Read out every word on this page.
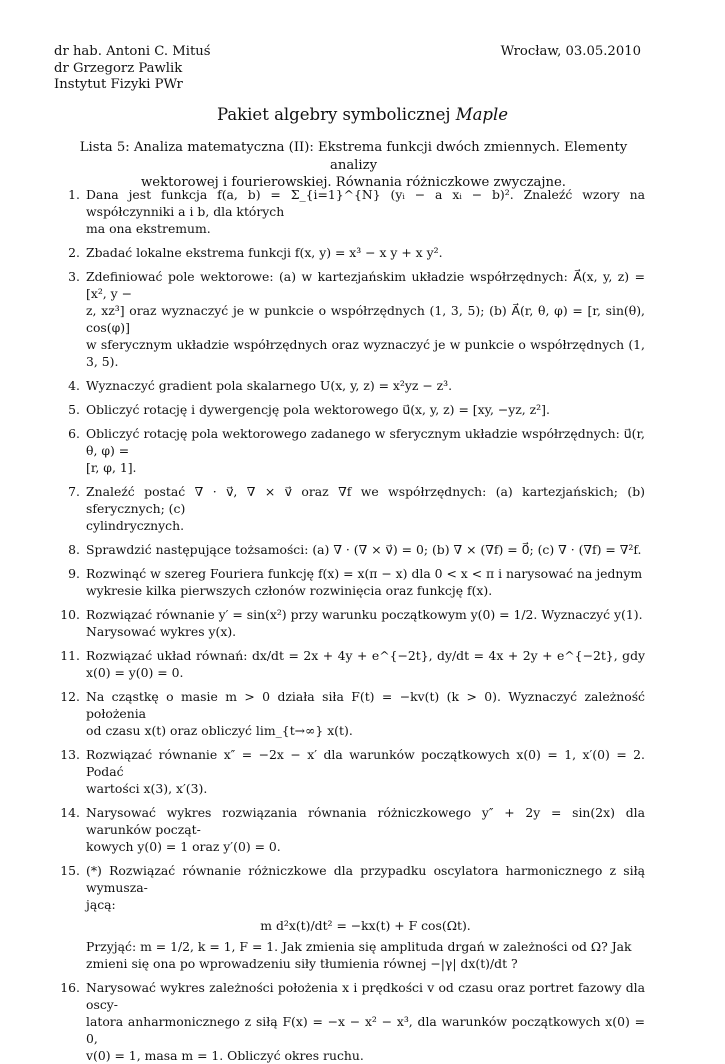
dr hab. Antoni C. Mituś
dr Grzegorz Pawlik
Instytut Fizyki PWr
Wrocław, 03.05.2010
Pakiet algebry symbolicznej Maple
Lista 5: Analiza matematyczna (II): Ekstrema funkcji dwóch zmiennych. Elementy analizy
wektorowej i fourierowskiej. Równania różniczkowe zwyczajne.
1. Dana jest funkcja f(a, b) = Σ_{i=1}^{N} (yᵢ − a xᵢ − b)². Znaleźć wzory na współczynniki a i b, dla których

ma ona ekstremum.

2. Zbadać lokalne ekstrema funkcji f(x, y) = x³ − x y + x y².

3. Zdefiniować pole wektorowe: (a) w kartezjańskim układzie współrzędnych: A⃗(x, y, z) = [x², y −

z, xz³] oraz wyznaczyć je w punkcie o współrzędnych (1, 3, 5); (b) A⃗(r, θ, φ) = [r, sin(θ), cos(φ)]

w sferycznym układzie współrzędnych oraz wyznaczyć je w punkcie o współrzędnych (1, 3, 5).

4. Wyznaczyć gradient pola skalarnego U(x, y, z) = x²yz − z³.

5. Obliczyć rotację i dywergencję pola wektorowego u⃗(x, y, z) = [xy, −yz, z²].

6. Obliczyć rotację pola wektorowego zadanego w sferycznym układzie współrzędnych: u⃗(r, θ, φ) =

[r, φ, 1].

7. Znaleźć postać ∇ · v⃗, ∇ × v⃗ oraz ∇f we współrzędnych: (a) kartezjańskich; (b) sferycznych; (c)

cylindrycznych.

8. Sprawdzić następujące tożsamości: (a) ∇ · (∇ × v⃗) = 0; (b) ∇ × (∇f) = 0⃗; (c) ∇ · (∇f) = ∇²f.

9. Rozwinąć w szereg Fouriera funkcję f(x) = x(π − x) dla 0 < x < π i narysować na jednym

wykresie kilka pierwszych członów rozwinięcia oraz funkcję f(x).

10. Rozwiązać równanie y′ = sin(x²) przy warunku początkowym y(0) = 1/2. Wyznaczyć y(1).

Narysować wykres y(x).

11. Rozwiązać układ równań: dx/dt = 2x + 4y + e^{−2t}, dy/dt = 4x + 2y + e^{−2t}, gdy x(0) = y(0) = 0.

12. Na cząstkę o masie m > 0 działa siła F(t) = −kv(t) (k > 0). Wyznaczyć zależność położenia

od czasu x(t) oraz obliczyć lim_{t→∞} x(t).

13. Rozwiązać równanie x″ = −2x − x′ dla warunków początkowych x(0) = 1, x′(0) = 2. Podać

wartości x(3), x′(3).

14. Narysować wykres rozwiązania równania różniczkowego y″ + 2y = sin(2x) dla warunków począt-

kowych y(0) = 1 oraz y′(0) = 0.

15. (*) Rozwiązać równanie różniczkowe dla przypadku oscylatora harmonicznego z siłą wymusza-

jącą:

m d²x(t)/dt² = −kx(t) + F cos(Ωt).

Przyjąć: m = 1/2, k = 1, F = 1. Jak zmienia się amplituda drgań w zależności od Ω? Jak

zmieni się ona po wprowadzeniu siły tłumienia równej −|γ| dx(t)/dt ?

16. Narysować wykres zależności położenia x i prędkości v od czasu oraz portret fazowy dla oscy-

latora anharmonicznego z siłą F(x) = −x − x² − x³, dla warunków początkowych x(0) = 0,

v(0) = 1, masa m = 1. Obliczyć okres ruchu.
